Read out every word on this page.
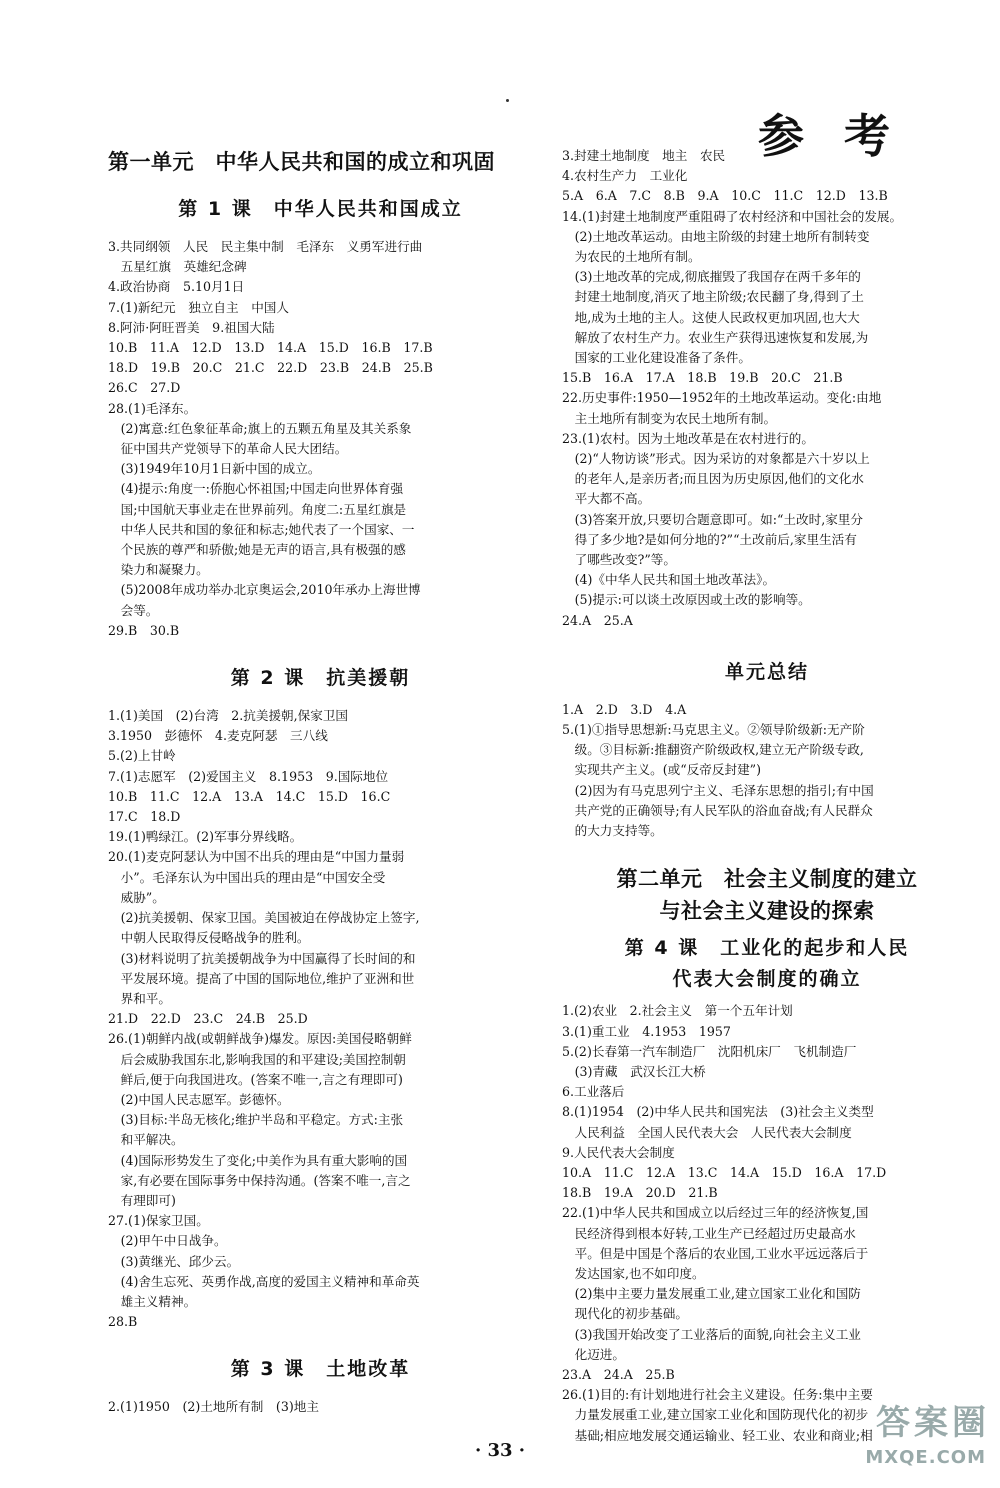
参考
第一单元　中华人民共和国的成立和巩固
第 1 课　中华人民共和国成立
3.共同纲领　人民　民主集中制　毛泽东　义勇军进行曲
　五星红旗　英雄纪念碑
4.政治协商　5.10月1日
7.(1)新纪元　独立自主　中国人
8.阿沛·阿旺晋美　9.祖国大陆
10.B　11.A　12.D　13.D　14.A　15.D　16.B　17.B
18.D　19.B　20.C　21.C　22.D　23.B　24.B　25.B
26.C　27.D
28.(1)毛泽东。
　(2)寓意:红色象征革命;旗上的五颗五角星及其关系象
　征中国共产党领导下的革命人民大团结。
　(3)1949年10月1日新中国的成立。
　(4)提示:角度一:侨胞心怀祖国;中国走向世界体育强
　国;中国航天事业走在世界前列。角度二:五星红旗是
　中华人民共和国的象征和标志;她代表了一个国家、一
　个民族的尊严和骄傲;她是无声的语言,具有极强的感
　染力和凝聚力。
　(5)2008年成功举办北京奥运会,2010年承办上海世博
　会等。
29.B　30.B
第 2 课　抗美援朝
1.(1)美国　(2)台湾　2.抗美援朝,保家卫国
3.1950　彭德怀　4.麦克阿瑟　三八线
5.(2)上甘岭
7.(1)志愿军　(2)爱国主义　8.1953　9.国际地位
10.B　11.C　12.A　13.A　14.C　15.D　16.C
17.C　18.D
19.(1)鸭绿江。(2)军事分界线略。
20.(1)麦克阿瑟认为中国不出兵的理由是“中国力量弱
　小”。毛泽东认为中国出兵的理由是“中国安全受
　威胁”。
　(2)抗美援朝、保家卫国。美国被迫在停战协定上签字,
　中朝人民取得反侵略战争的胜利。
　(3)材料说明了抗美援朝战争为中国赢得了长时间的和
　平发展环境。提高了中国的国际地位,维护了亚洲和世
　界和平。
21.D　22.D　23.C　24.B　25.D
26.(1)朝鲜内战(或朝鲜战争)爆发。原因:美国侵略朝鲜
　后会威胁我国东北,影响我国的和平建设;美国控制朝
　鲜后,便于向我国进攻。(答案不唯一,言之有理即可)
　(2)中国人民志愿军。彭德怀。
　(3)目标:半岛无核化;维护半岛和平稳定。方式:主张
　和平解决。
　(4)国际形势发生了变化;中美作为具有重大影响的国
　家,有必要在国际事务中保持沟通。(答案不唯一,言之
　有理即可)
27.(1)保家卫国。
　(2)甲午中日战争。
　(3)黄继光、邱少云。
　(4)舍生忘死、英勇作战,高度的爱国主义精神和革命英
　雄主义精神。
28.B
第 3 课　土地改革
2.(1)1950　(2)土地所有制　(3)地主
3.封建土地制度　地主　农民
4.农村生产力　工业化
5.A　6.A　7.C　8.B　9.A　10.C　11.C　12.D　13.B
14.(1)封建土地制度严重阻碍了农村经济和中国社会的发展。
　(2)土地改革运动。由地主阶级的封建土地所有制转变
　为农民的土地所有制。
　(3)土地改革的完成,彻底摧毁了我国存在两千多年的
　封建土地制度,消灭了地主阶级;农民翻了身,得到了土
　地,成为土地的主人。这使人民政权更加巩固,也大大
　解放了农村生产力。农业生产获得迅速恢复和发展,为
　国家的工业化建设准备了条件。
15.B　16.A　17.A　18.B　19.B　20.C　21.B
22.历史事件:1950—1952年的土地改革运动。变化:由地
　主土地所有制变为农民土地所有制。
23.(1)农村。因为土地改革是在农村进行的。
　(2)“人物访谈”形式。因为采访的对象都是六十岁以上
　的老年人,是亲历者;而且因为历史原因,他们的文化水
　平大都不高。
　(3)答案开放,只要切合题意即可。如:“土改时,家里分
　得了多少地?是如何分地的?”“土改前后,家里生活有
　了哪些改变?”等。
　(4)《中华人民共和国土地改革法》。
　(5)提示:可以谈土改原因或土改的影响等。
24.A　25.A
单元总结
1.A　2.D　3.D　4.A
5.(1)①指导思想新:马克思主义。②领导阶级新:无产阶
　级。③目标新:推翻资产阶级政权,建立无产阶级专政,
　实现共产主义。(或“反帝反封建”)
　(2)因为有马克思列宁主义、毛泽东思想的指引;有中国
　共产党的正确领导;有人民军队的浴血奋战;有人民群众
　的大力支持等。
第二单元　社会主义制度的建立
与社会主义建设的探索
第 4 课　工业化的起步和人民
代表大会制度的确立
1.(2)农业　2.社会主义　第一个五年计划
3.(1)重工业　4.1953　1957
5.(2)长春第一汽车制造厂　沈阳机床厂　飞机制造厂
　(3)青藏　武汉长江大桥
6.工业落后
8.(1)1954　(2)中华人民共和国宪法　(3)社会主义类型
　人民利益　全国人民代表大会　人民代表大会制度
9.人民代表大会制度
10.A　11.C　12.A　13.C　14.A　15.D　16.A　17.D
18.B　19.A　20.D　21.B
22.(1)中华人民共和国成立以后经过三年的经济恢复,国
　民经济得到根本好转,工业生产已经超过历史最高水
　平。但是中国是个落后的农业国,工业水平远远落后于
　发达国家,也不如印度。
　(2)集中主要力量发展重工业,建立国家工业化和国防
　现代化的初步基础。
　(3)我国开始改变了工业落后的面貌,向社会主义工业
　化迈进。
23.A　24.A　25.B
26.(1)目的:有计划地进行社会主义建设。任务:集中主要
　力量发展重工业,建立国家工业化和国防现代化的初步
　基础;相应地发展交通运输业、轻工业、农业和商业;相
· 33 ·
答案圈
MXQE.COM
